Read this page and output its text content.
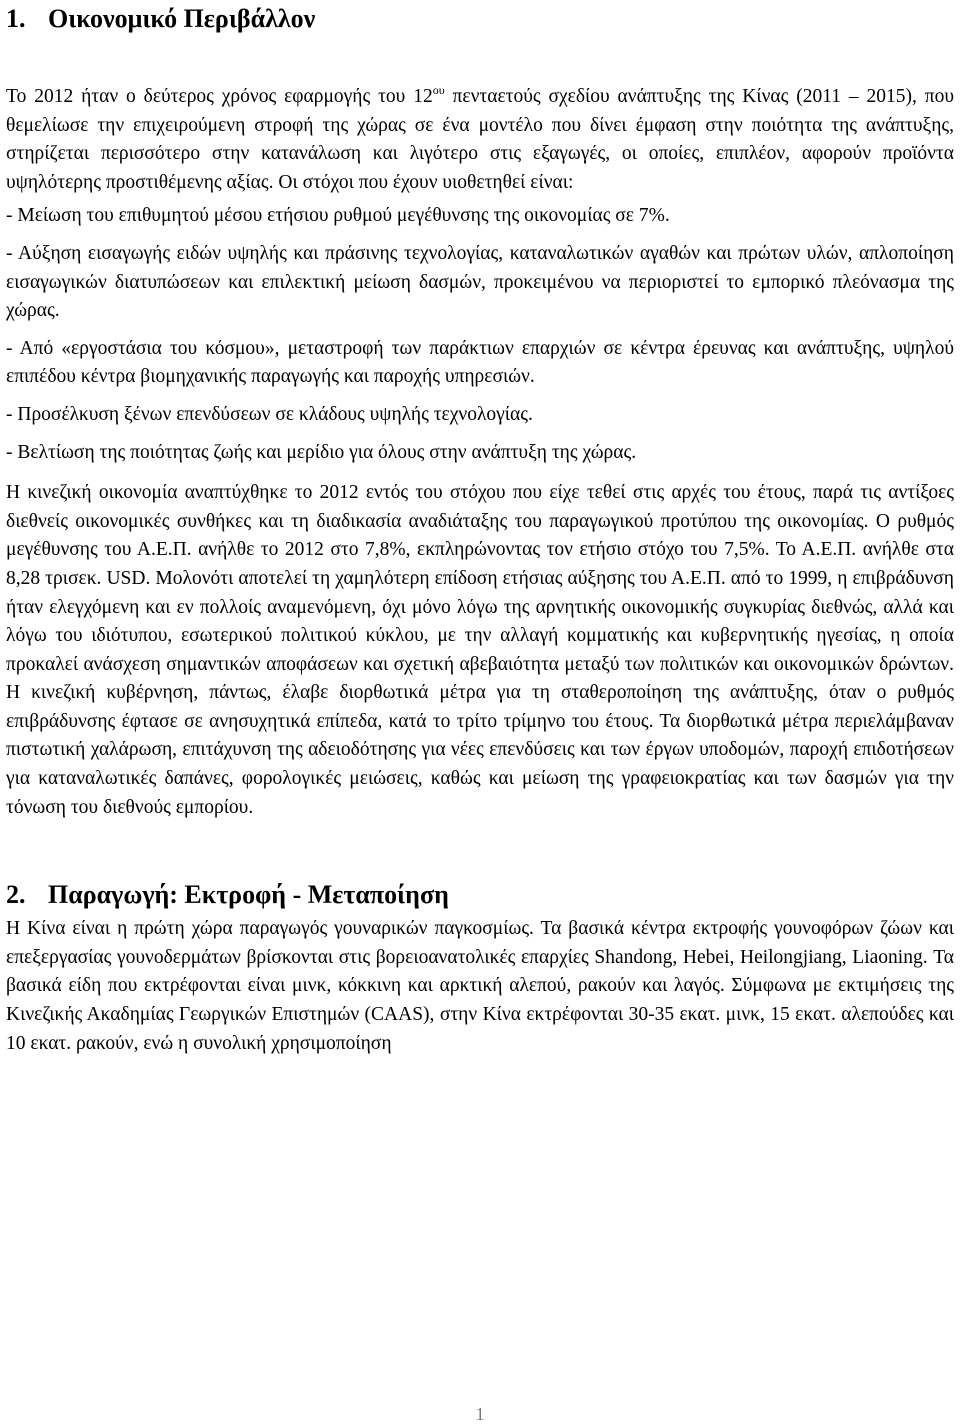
1. Οικονομικό Περιβάλλον

Το 2012 ήταν ο δεύτερος χρόνος εφαρμογής του $12^{o\upsilon}$ πενταετούς σχεδίου ανάπτυξης της Κίνας (2011 – 2015), που θεμελίωσε την επιχειρούμενη στροφή της χώρας σε ένα μοντέλο που δίνει έμφαση στην ποιότητα της ανάπτυξης, στηρίζεται περισσότερο στην κατανάλωση και λιγότερο στις εξαγωγές, οι οποίες, επιπλέον, αφορούν προϊόντα υψηλότερης προστιθέμενης αξίας. Οι στόχοι που έχουν υιοθετηθεί είναι:

- Μείωση του επιθυμητού μέσου ετήσιου ρυθμού μεγέθυνσης της οικονομίας σε 7%.

- Αύξηση εισαγωγής ειδών υψηλής και πράσινης τεχνολογίας, καταναλωτικών αγαθών και πρώτων υλών, απλοποίηση εισαγωγικών διατυπώσεων και επιλεκτική μείωση δασμών, προκειμένου να περιοριστεί το εμπορικό πλεόνασμα της χώρας.

- Από «εργοστάσια του κόσμου», μεταστροφή των παράκτιων επαρχιών σε κέντρα έρευνας και ανάπτυξης, υψηλού επιπέδου κέντρα βιομηχανικής παραγωγής και παροχής υπηρεσιών.

- Προσέλκυση ξένων επενδύσεων σε κλάδους υψηλής τεχνολογίας.

- Βελτίωση της ποιότητας ζωής και μερίδιο για όλους στην ανάπτυξη της χώρας.

Η κινεζική οικονομία αναπτύχθηκε το 2012 εντός του στόχου που είχε τεθεί στις αρχές του έτους, παρά τις αντίξοες διεθνείς οικονομικές συνθήκες και τη διαδικασία αναδιάταξης του παραγωγικού προτύπου της οικονομίας. Ο ρυθμός μεγέθυνσης του Α.Ε.Π. ανήλθε το 2012 στο 7,8%, εκπληρώνοντας τον ετήσιο στόχο του 7,5%. Το Α.Ε.Π. ανήλθε στα 8,28 τρισεκ. USD. Μολονότι αποτελεί τη χαμηλότερη επίδοση ετήσιας αύξησης του Α.Ε.Π. από το 1999, η επιβράδυνση ήταν ελεγχόμενη και εν πολλοίς αναμενόμενη, όχι μόνο λόγω της αρνητικής οικονομικής συγκυρίας διεθνώς, αλλά και λόγω του ιδιότυπου, εσωτερικού πολιτικού κύκλου, με την αλλαγή κομματικής και κυβερνητικής ηγεσίας, η οποία προκαλεί ανάσχεση σημαντικών αποφάσεων και σχετική αβεβαιότητα μεταξύ των πολιτικών και οικονομικών δρώντων. Η κινεζική κυβέρνηση, πάντως, έλαβε διορθωτικά μέτρα για τη σταθεροποίηση της ανάπτυξης, όταν ο ρυθμός επιβράδυνσης έφτασε σε ανησυχητικά επίπεδα, κατά το τρίτο τρίμηνο του έτους. Τα διορθωτικά μέτρα περιελάμβαναν πιστωτική χαλάρωση, επιτάχυνση της αδειοδότησης για νέες επενδύσεις και των έργων υποδομών, παροχή επιδοτήσεων για καταναλωτικές δαπάνες, φορολογικές μειώσεις, καθώς και μείωση της γραφειοκρατίας και των δασμών για την τόνωση του διεθνούς εμπορίου.

2. Παραγωγή: Εκτροφή - Μεταποίηση

Η Κίνα είναι η πρώτη χώρα παραγωγός γουναρικών παγκοσμίως. Τα βασικά κέντρα εκτροφής γουνοφόρων ζώων και επεξεργασίας γουνοδερμάτων βρίσκονται στις βορειοανατολικές επαρχίες Shandong, Hebei, Heilongjiang, Liaoning. Τα βασικά είδη που εκτρέφονται είναι μινκ, κόκκινη και αρκτική αλεπού, ρακούν και λαγός. Σύμφωνα με εκτιμήσεις της Κινεζικής Ακαδημίας Γεωργικών Επιστημών (CAAS), στην Κίνα εκτρέφονται 30-35 εκατ. μινκ, 15 εκατ. αλεπούδες και 10 εκατ. ρακούν, ενώ η συνολική χρησιμοποίηση

1
